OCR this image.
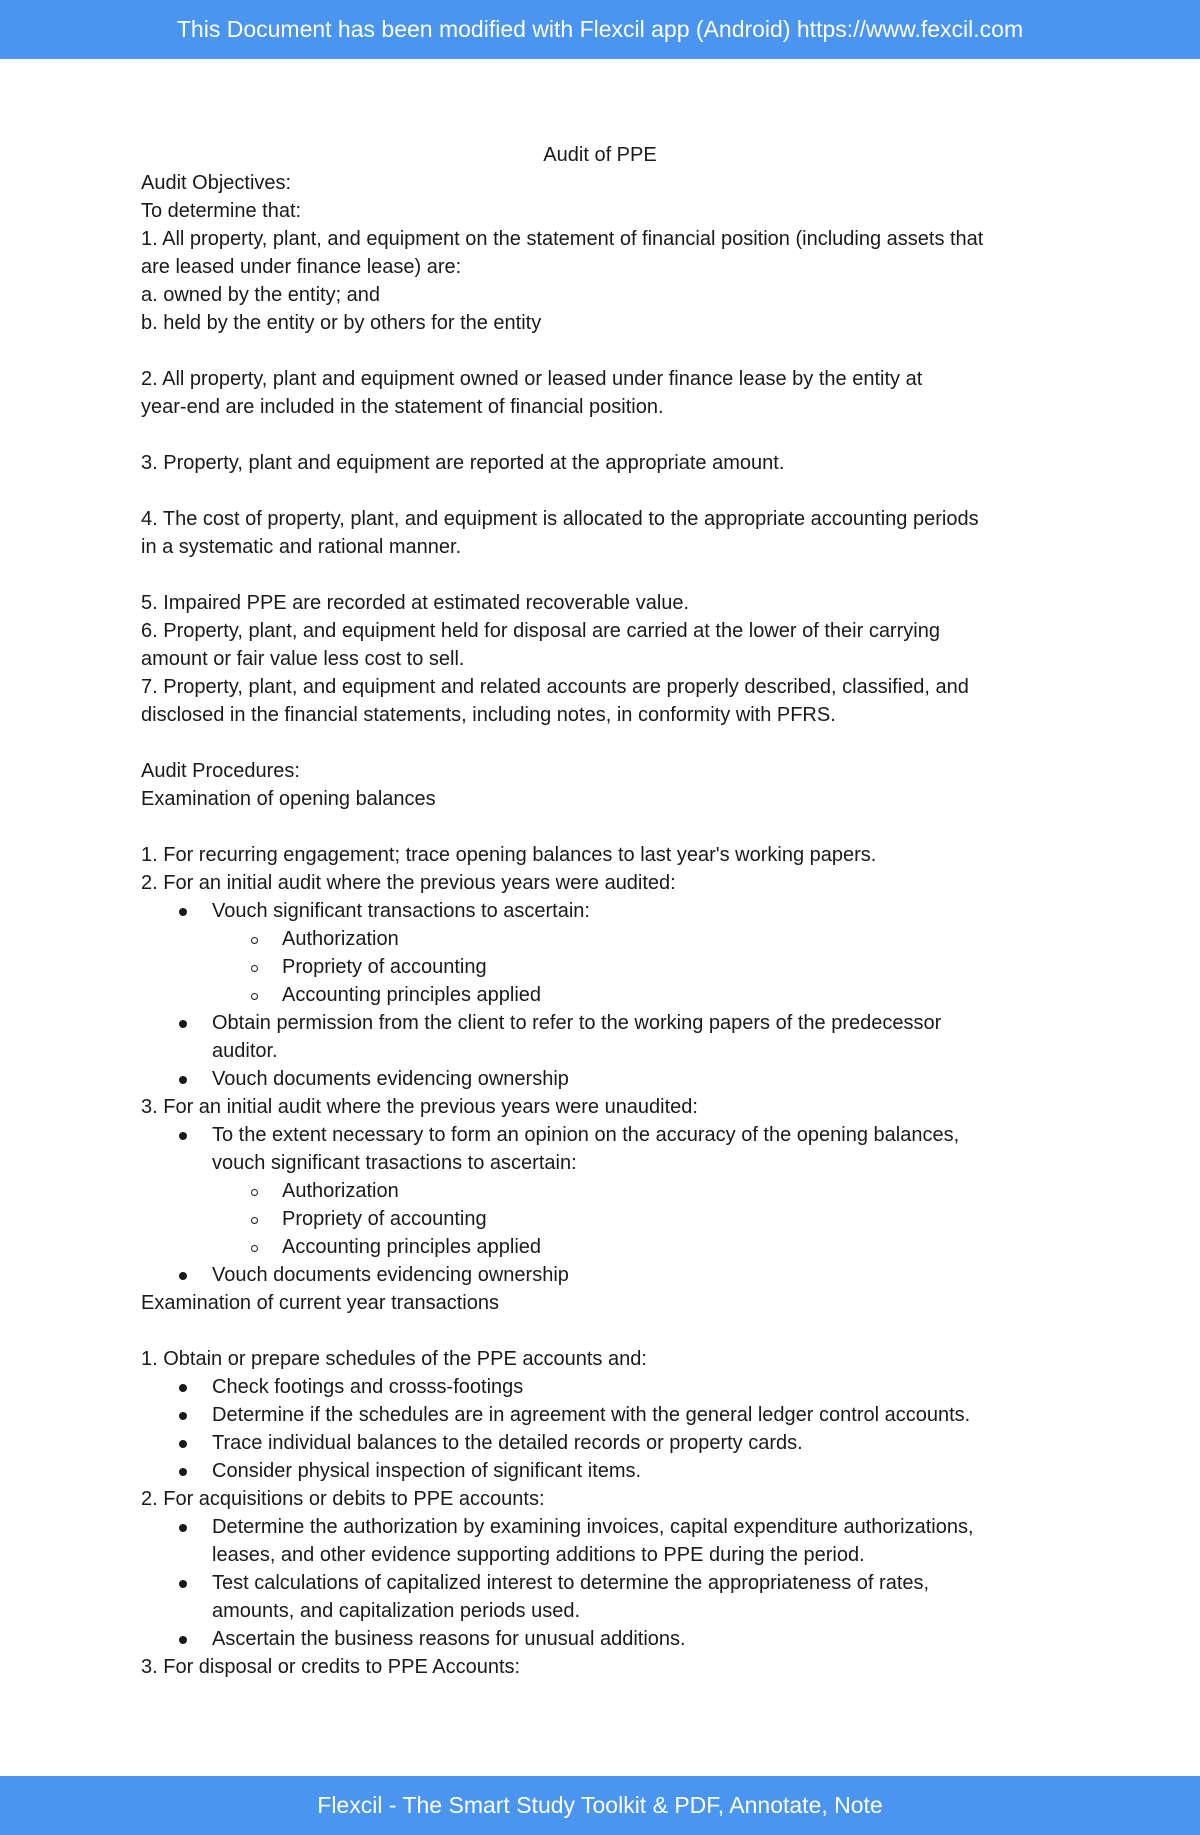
This Document has been modified with Flexcil app (Android) https://www.fexcil.com

Audit of PPE

Audit Objectives:

To determine that:

1. All property, plant, and equipment on the statement of financial position (including assets that

are leased under finance lease) are:

a. owned by the entity; and

b. held by the entity or by others for the entity

2. All property, plant and equipment owned or leased under finance lease by the entity at

year-end are included in the statement of financial position.

3. Property, plant and equipment are reported at the appropriate amount.

4. The cost of property, plant, and equipment is allocated to the appropriate accounting periods

in a systematic and rational manner.

5. Impaired PPE are recorded at estimated recoverable value.

6. Property, plant, and equipment held for disposal are carried at the lower of their carrying

amount or fair value less cost to sell.

7. Property, plant, and equipment and related accounts are properly described, classified, and

disclosed in the financial statements, including notes, in conformity with PFRS.

Audit Procedures:

Examination of opening balances

1. For recurring engagement; trace opening balances to last year's working papers.

2. For an initial audit where the previous years were audited:

Vouch significant transactions to ascertain:

Authorization

Propriety of accounting

Accounting principles applied

Obtain permission from the client to refer to the working papers of the predecessor
auditor.

Vouch documents evidencing ownership

3. For an initial audit where the previous years were unaudited:

To the extent necessary to form an opinion on the accuracy of the opening balances,
vouch significant trasactions to ascertain:

Authorization

Propriety of accounting

Accounting principles applied

Vouch documents evidencing ownership

Examination of current year transactions

1. Obtain or prepare schedules of the PPE accounts and:

Check footings and crosss-footings

Determine if the schedules are in agreement with the general ledger control accounts.

Trace individual balances to the detailed records or property cards.

Consider physical inspection of significant items.

2. For acquisitions or debits to PPE accounts:

Determine the authorization by examining invoices, capital expenditure authorizations,
leases, and other evidence supporting additions to PPE during the period.

Test calculations of capitalized interest to determine the appropriateness of rates,
amounts, and capitalization periods used.

Ascertain the business reasons for unusual additions.

3. For disposal or credits to PPE Accounts:

Flexcil - The Smart Study Toolkit & PDF, Annotate, Note
